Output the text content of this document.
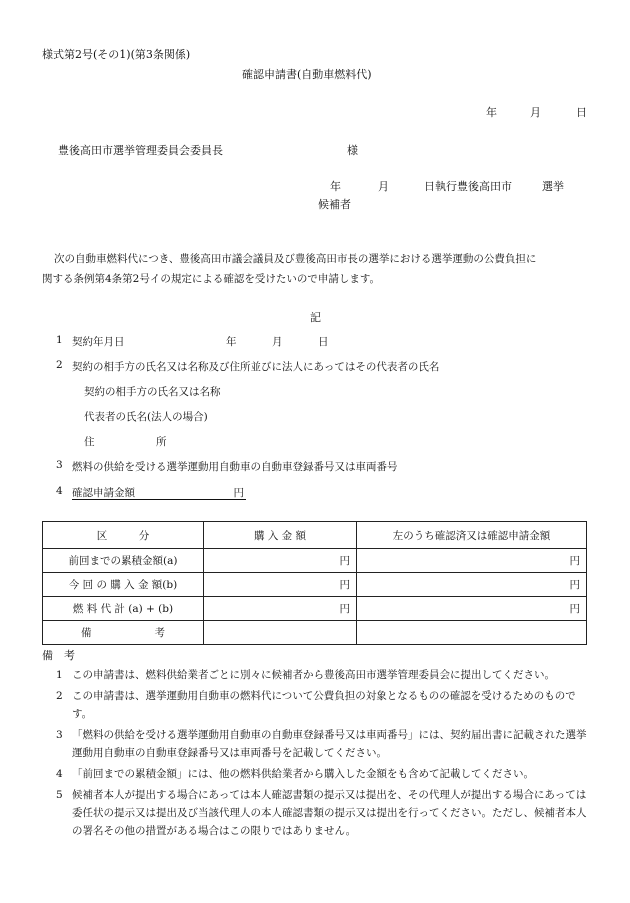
様式第2号(その1)(第3条関係)
確認申請書(自動車燃料代)
年	月	日
豊後高田市選挙管理委員会委員長	様
年	月	日執行豊後高田市	選挙
候補者
次の自動車燃料代につき、豊後高田市議会議員及び豊後高田市長の選挙における選挙運動の公費負担に
関する条例第4条第2号イの規定による確認を受けたいので申請します。
記
1 契約年月日	年	月	日
2 契約の相手方の氏名又は名称及び住所並びに法人にあってはその代表者の氏名
契約の相手方の氏名又は名称
代表者の氏名(法人の場合)
住	所
3 燃料の供給を受ける選挙運動用自動車の自動車登録番号又は車両番号
4 確認申請金額	円
区　　　分	購 入 金 額	左のうち確認済又は確認申請金額
前回までの累積金額(a)	円	円
今 回 の 購 入 金 額(b)	円	円
燃 料 代 計 (a) + (b)	円	円
備　　　　　　考		
備　考
1 この申請書は、燃料供給業者ごとに別々に候補者から豊後高田市選挙管理委員会に提出してください。
2 この申請書は、選挙運動用自動車の燃料代について公費負担の対象となるものの確認を受けるためのものです。
3 「燃料の供給を受ける選挙運動用自動車の自動車登録番号又は車両番号」には、契約届出書に記載された選挙運動用自動車の自動車登録番号又は車両番号を記載してください。
4 「前回までの累積金額」には、他の燃料供給業者から購入した金額をも含めて記載してください。
5 候補者本人が提出する場合にあっては本人確認書類の提示又は提出を、その代理人が提出する場合にあっては委任状の提示又は提出及び当該代理人の本人確認書類の提示又は提出を行ってください。ただし、候補者本人の署名その他の措置がある場合はこの限りではありません。
